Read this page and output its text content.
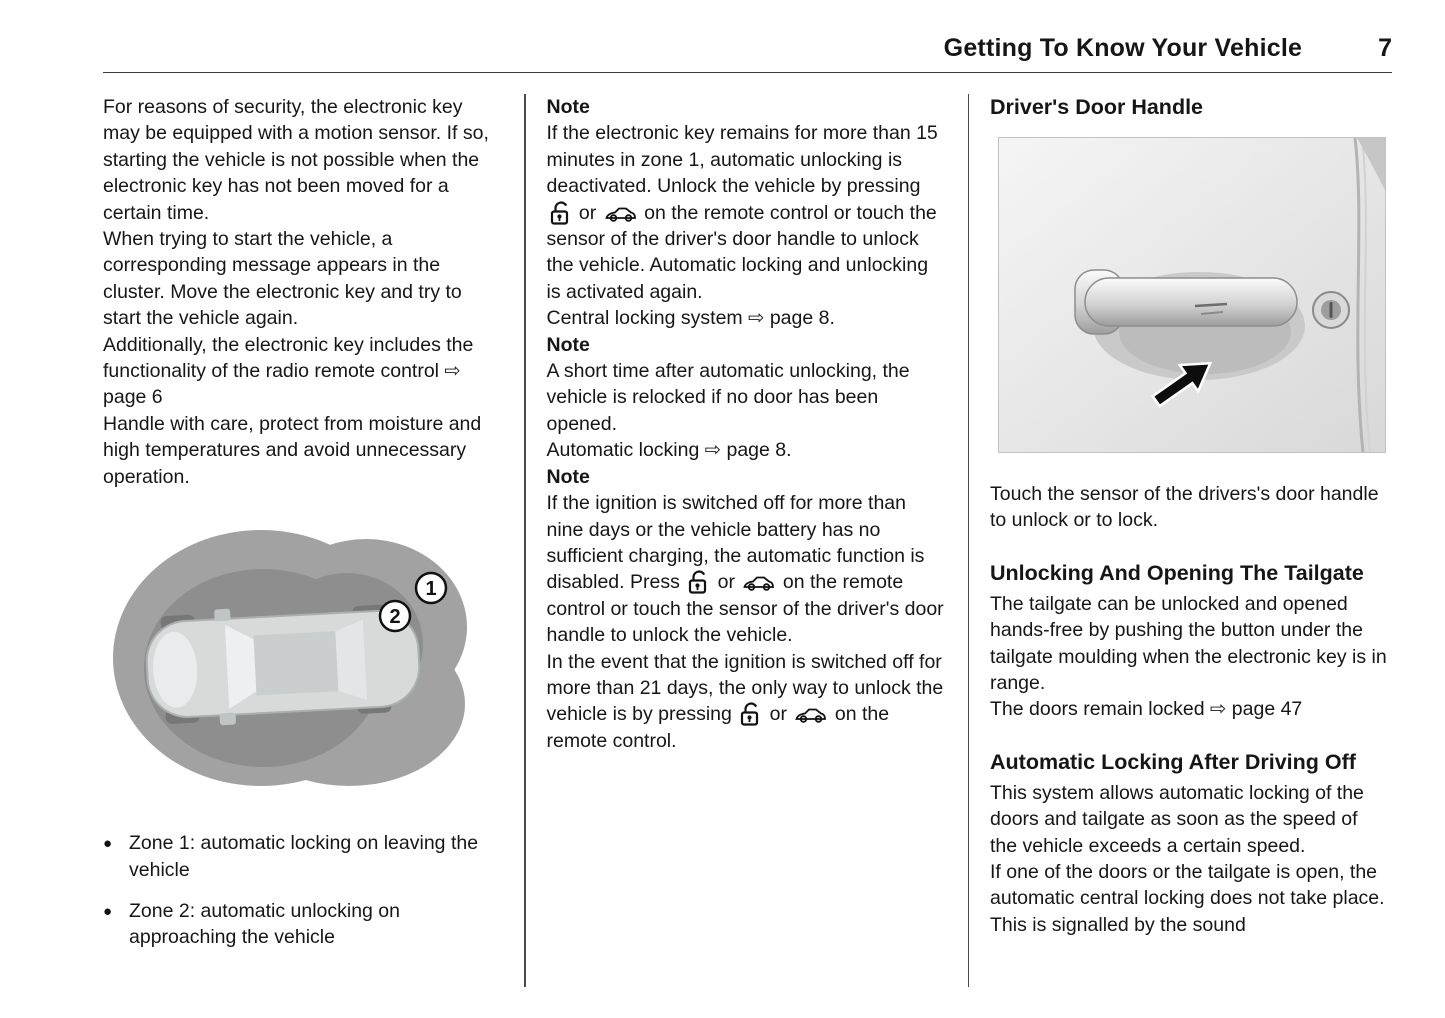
Getting To Know Your Vehicle	7

For reasons of security, the electronic key may be equipped with a motion sensor. If so, starting the vehicle is not possible when the electronic key has not been moved for a certain time.

When trying to start the vehicle, a corresponding message appears in the cluster. Move the electronic key and try to start the vehicle again.

Additionally, the electronic key includes the functionality of the radio remote control ⇨ page 6

Handle with care, protect from moisture and high temperatures and avoid unnecessary operation.

2
1
● Zone 1: automatic locking on leaving the vehicle
● Zone 2: automatic unlocking on approaching the vehicle

Note

If the electronic key remains for more than 15 minutes in zone 1, automatic unlocking is deactivated. Unlock the vehicle by pressing
or
on the remote control or touch the sensor of the driver's door handle to unlock the vehicle. Automatic locking and unlocking is activated again.

Central locking system ⇨ page 8.

Note

A short time after automatic unlocking, the vehicle is relocked if no door has been opened.

Automatic locking ⇨ page 8.

Note

If the ignition is switched off for more than nine days or the vehicle battery has no sufficient charging, the automatic function is disabled. Press
or
on the remote control or touch the sensor of the driver's door handle to unlock the vehicle.

In the event that the ignition is switched off for more than 21 days, the only way to unlock the vehicle is by pressing
or
on the remote control.

Driver's Door Handle

Touch the sensor of the drivers's door handle to unlock or to lock.

Unlocking And Opening The Tailgate

The tailgate can be unlocked and opened hands-free by pushing the button under the tailgate moulding when the electronic key is in range.

The doors remain locked ⇨ page 47

Automatic Locking After Driving Off

This system allows automatic locking of the doors and tailgate as soon as the speed of the vehicle exceeds a certain speed.

If one of the doors or the tailgate is open, the automatic central locking does not take place. This is signalled by the sound
